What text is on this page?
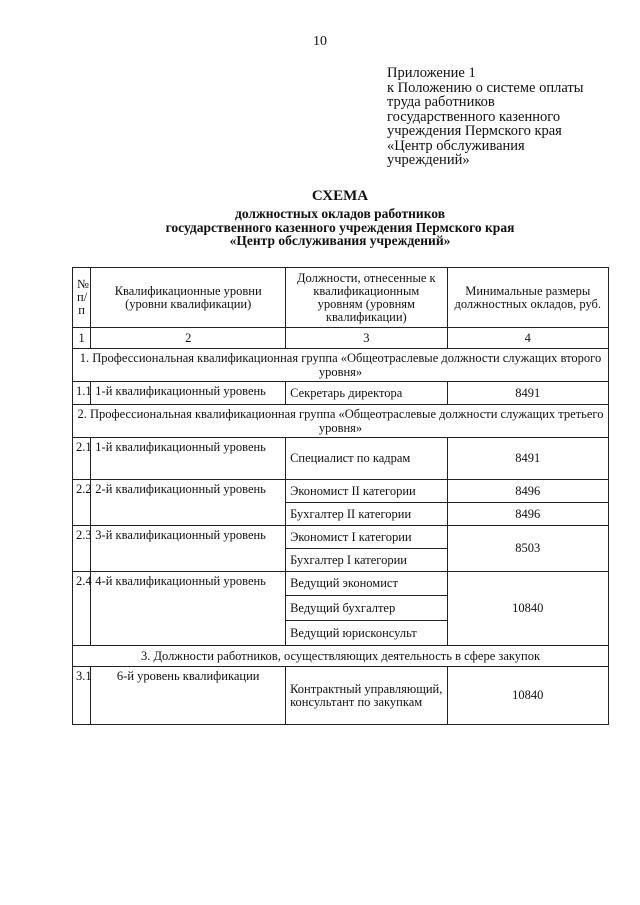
10
Приложение 1
к Положению о системе оплаты
труда работников
государственного казенного
учреждения Пермского края
«Центр обслуживания
учреждений»
СХЕМА
должностных окладов работников
государственного казенного учреждения Пермского края
«Центр обслуживания учреждений»
№ п/п	Квалификационные уровни (уровни квалификации)	Должности, отнесенные к квалификационным уровням (уровням квалификации)	Минимальные размеры должностных окладов, руб.
1	2	3	4
1. Профессиональная квалификационная группа «Общеотраслевые должности служащих второго уровня»			
1.1	1-й квалификационный уровень	Секретарь директора	8491
2. Профессиональная квалификационная группа «Общеотраслевые должности служащих третьего уровня»			
2.1	1-й квалификационный уровень	Специалист по кадрам	8491
2.2	2-й квалификационный уровень	Экономист II категории	8496
		Бухгалтер II категории	8496
2.3	3-й квалификационный уровень	Экономист I категории	8503
		Бухгалтер I категории	
2.4	4-й квалификационный уровень	Ведущий экономист	10840
		Ведущий бухгалтер	
		Ведущий юрисконсульт	
3. Должности работников, осуществляющих деятельность в сфере закупок			
3.1	6-й уровень квалификации	Контрактный управляющий, консультант по закупкам	10840
